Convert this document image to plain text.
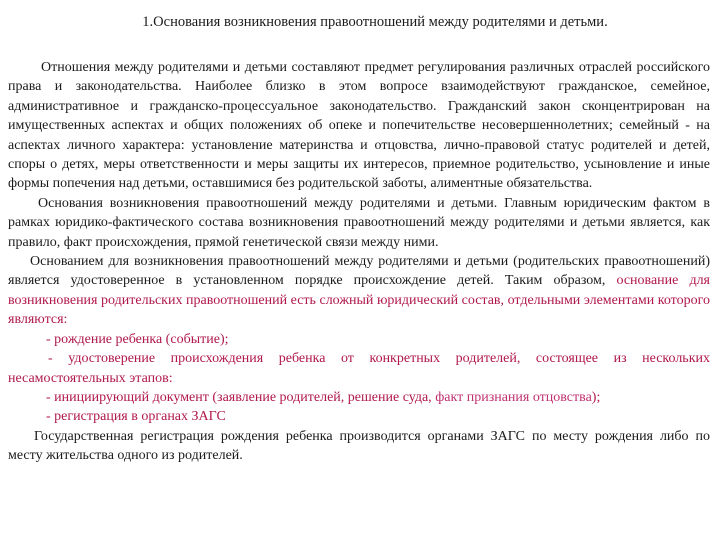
1.Основания возникновения правоотношений между родителями и детьми.

Отношения между родителями и детьми составляют предмет регулирования различных отраслей российского права и законодательства. Наиболее близко в этом вопросе взаимодействуют гражданское, семейное, административное и гражданско-процессуальное законодательство. Гражданский закон сконцентрирован на имущественных аспектах и общих положениях об опеке и попечительстве несовершеннолетних; семейный - на аспектах личного характера: установление материнства и отцовства, лично-правовой статус родителей и детей, споры о детях, меры ответственности и меры защиты их интересов, приемное родительство, усыновление и иные формы попечения над детьми, оставшимися без родительской заботы, алиментные обязательства.

Основания возникновения правоотношений между родителями и детьми. Главным юридическим фактом в рамках юридико-фактического состава возникновения правоотношений между родителями и детьми является, как правило, факт происхождения, прямой генетической связи между ними.

Основанием для возникновения правоотношений между родителями и детьми (родительских правоотношений) является удостоверенное в установленном порядке происхождение детей. Таким образом, основание для возникновения родительских правоотношений есть сложный юридический состав, отдельными элементами которого являются:

- рождение ребенка (событие);

- удостоверение происхождения ребенка от конкретных родителей, состоящее из нескольких несамостоятельных этапов:

- инициирующий документ (заявление родителей, решение суда, факт признания отцовства);

- регистрация в органах ЗАГС

Государственная регистрация рождения ребенка производится органами ЗАГС по месту рождения либо по месту жительства одного из родителей.
